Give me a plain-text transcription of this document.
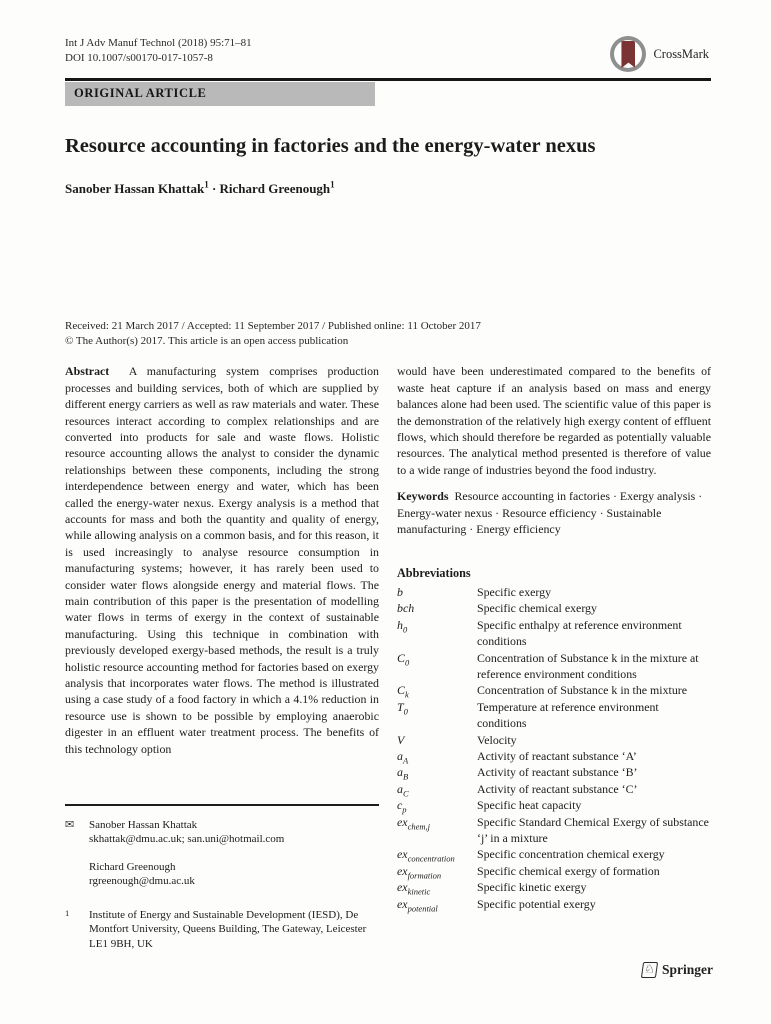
Int J Adv Manuf Technol (2018) 95:71–81
DOI 10.1007/s00170-017-1057-8	CrossMark
ORIGINAL ARTICLE
Resource accounting in factories and the energy-water nexus
Sanober Hassan Khattak$^1$ · Richard Greenough$^1$
Received: 21 March 2017 / Accepted: 11 September 2017 / Published online: 11 October 2017
© The Author(s) 2017. This article is an open access publication

Abstract A manufacturing system comprises production processes and building services, both of which are supplied by different energy carriers as well as raw materials and water. These resources interact according to complex relationships and are converted into products for sale and waste flows. Holistic resource accounting allows the analyst to consider the dynamic relationships between these components, including the strong interdependence between energy and water, which has been called the energy-water nexus. Exergy analysis is a method that accounts for mass and both the quantity and quality of energy, while allowing analysis on a common basis, and for this reason, it is used increasingly to analyse resource consumption in manufacturing systems; however, it has rarely been used to consider water flows alongside energy and material flows. The main contribution of this paper is the presentation of modelling water flows in terms of exergy in the context of sustainable manufacturing. Using this technique in combination with previously developed exergy-based methods, the result is a truly holistic resource accounting method for factories based on exergy analysis that incorporates water flows. The method is illustrated using a case study of a food factory in which a 4.1% reduction in resource use is shown to be possible by employing anaerobic digester in an effluent water treatment process. The benefits of this technology option

✉	Sanober Hassan Khattak
skhattak@dmu.ac.uk; san.uni@hotmail.com
Richard Greenough
rgreenough@dmu.ac.uk
1	Institute of Energy and Sustainable Development (IESD), De Montfort University, Queens Building, The Gateway, Leicester LE1 9BH, UK

would have been underestimated compared to the benefits of waste heat capture if an analysis based on mass and energy balances alone had been used. The scientific value of this paper is the demonstration of the relatively high exergy content of effluent flows, which should therefore be regarded as potentially valuable resources. The analytical method presented is therefore of value to a wide range of industries beyond the food industry.

Keywords Resource accounting in factories · Exergy analysis · Energy-water nexus · Resource efficiency · Sustainable manufacturing · Energy efficiency

Abbreviations
b	Specific exergy
bch	Specific chemical exergy
$h_0$	Specific enthalpy at reference environment conditions
$C_0$	Concentration of Substance k in the mixture at reference environment conditions
$C_k$	Concentration of Substance k in the mixture
$T_0$	Temperature at reference environment conditions
V	Velocity
$a_A$	Activity of reactant substance ‘A’
$a_B$	Activity of reactant substance ‘B’
$a_C$	Activity of reactant substance ‘C’
$c_p$	Specific heat capacity
$ex_{chem,j}$	Specific Standard Chemical Exergy of substance ‘j’ in a mixture
$ex_{concentration}$	Specific concentration chemical exergy
$ex_{formation}$	Specific chemical exergy of formation
$ex_{kinetic}$	Specific kinetic exergy
$ex_{potential}$	Specific potential exergy
♘ Springer
